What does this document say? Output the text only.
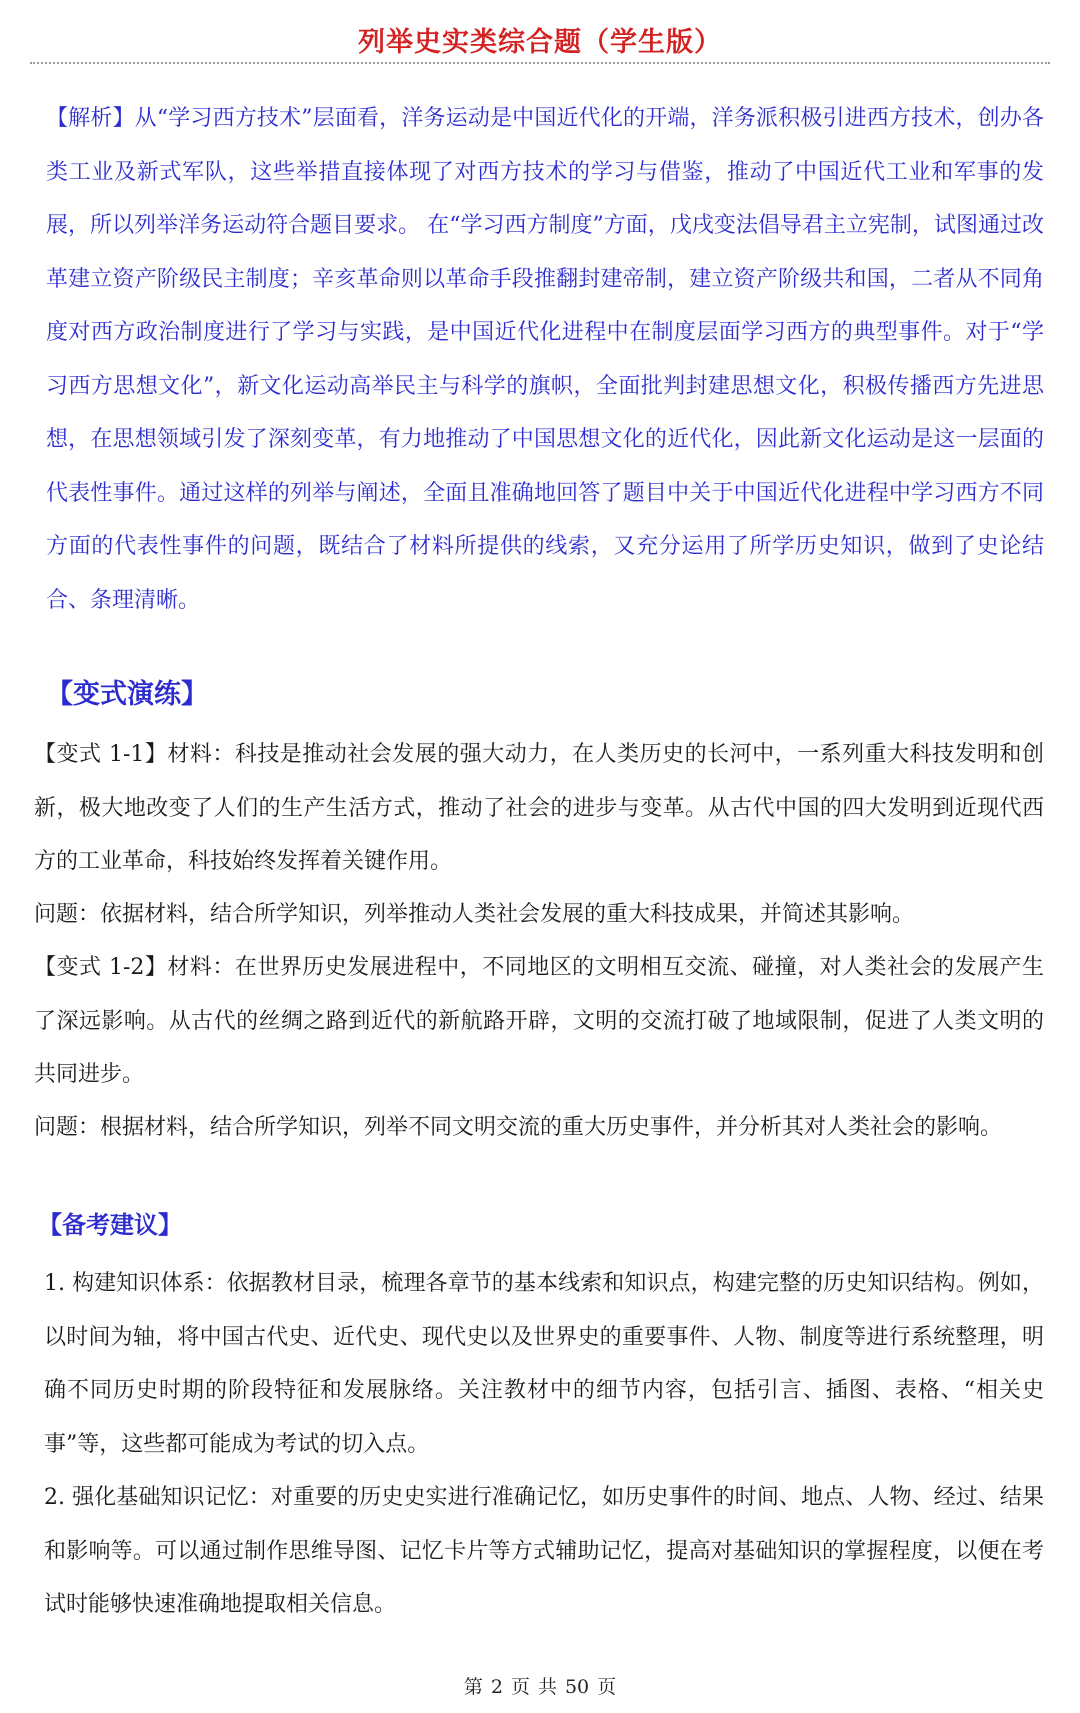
列举史实类综合题（学生版）
【解析】从“学习西方技术”层面看，洋务运动是中国近代化的开端，洋务派积极引进西方技术，创办各类工业及新式军队，这些举措直接体现了对西方技术的学习与借鉴，推动了中国近代工业和军事的发展，所以列举洋务运动符合题目要求。 在“学习西方制度”方面，戊戌变法倡导君主立宪制，试图通过改革建立资产阶级民主制度；辛亥革命则以革命手段推翻封建帝制，建立资产阶级共和国，二者从不同角度对西方政治制度进行了学习与实践，是中国近代化进程中在制度层面学习西方的典型事件。对于“学习西方思想文化”，新文化运动高举民主与科学的旗帜，全面批判封建思想文化，积极传播西方先进思想，在思想领域引发了深刻变革，有力地推动了中国思想文化的近代化，因此新文化运动是这一层面的代表性事件。通过这样的列举与阐述，全面且准确地回答了题目中关于中国近代化进程中学习西方不同方面的代表性事件的问题，既结合了材料所提供的线索，又充分运用了所学历史知识，做到了史论结合、条理清晰。
【变式演练】
【变式 1-1】材料：科技是推动社会发展的强大动力，在人类历史的长河中，一系列重大科技发明和创新，极大地改变了人们的生产生活方式，推动了社会的进步与变革。从古代中国的四大发明到近现代西方的工业革命，科技始终发挥着关键作用。
问题：依据材料，结合所学知识，列举推动人类社会发展的重大科技成果，并简述其影响。
【变式 1-2】材料：在世界历史发展进程中，不同地区的文明相互交流、碰撞，对人类社会的发展产生了深远影响。从古代的丝绸之路到近代的新航路开辟，文明的交流打破了地域限制，促进了人类文明的共同进步。
问题：根据材料，结合所学知识，列举不同文明交流的重大历史事件，并分析其对人类社会的影响。
【备考建议】
1. 构建知识体系：依据教材目录，梳理各章节的基本线索和知识点，构建完整的历史知识结构。例如，以时间为轴，将中国古代史、近代史、现代史以及世界史的重要事件、人物、制度等进行系统整理，明确不同历史时期的阶段特征和发展脉络。关注教材中的细节内容，包括引言、插图、表格、“相关史事”等，这些都可能成为考试的切入点。
2. 强化基础知识记忆：对重要的历史史实进行准确记忆，如历史事件的时间、地点、人物、经过、结果和影响等。可以通过制作思维导图、记忆卡片等方式辅助记忆，提高对基础知识的掌握程度，以便在考试时能够快速准确地提取相关信息。
第 2 页 共 50 页
